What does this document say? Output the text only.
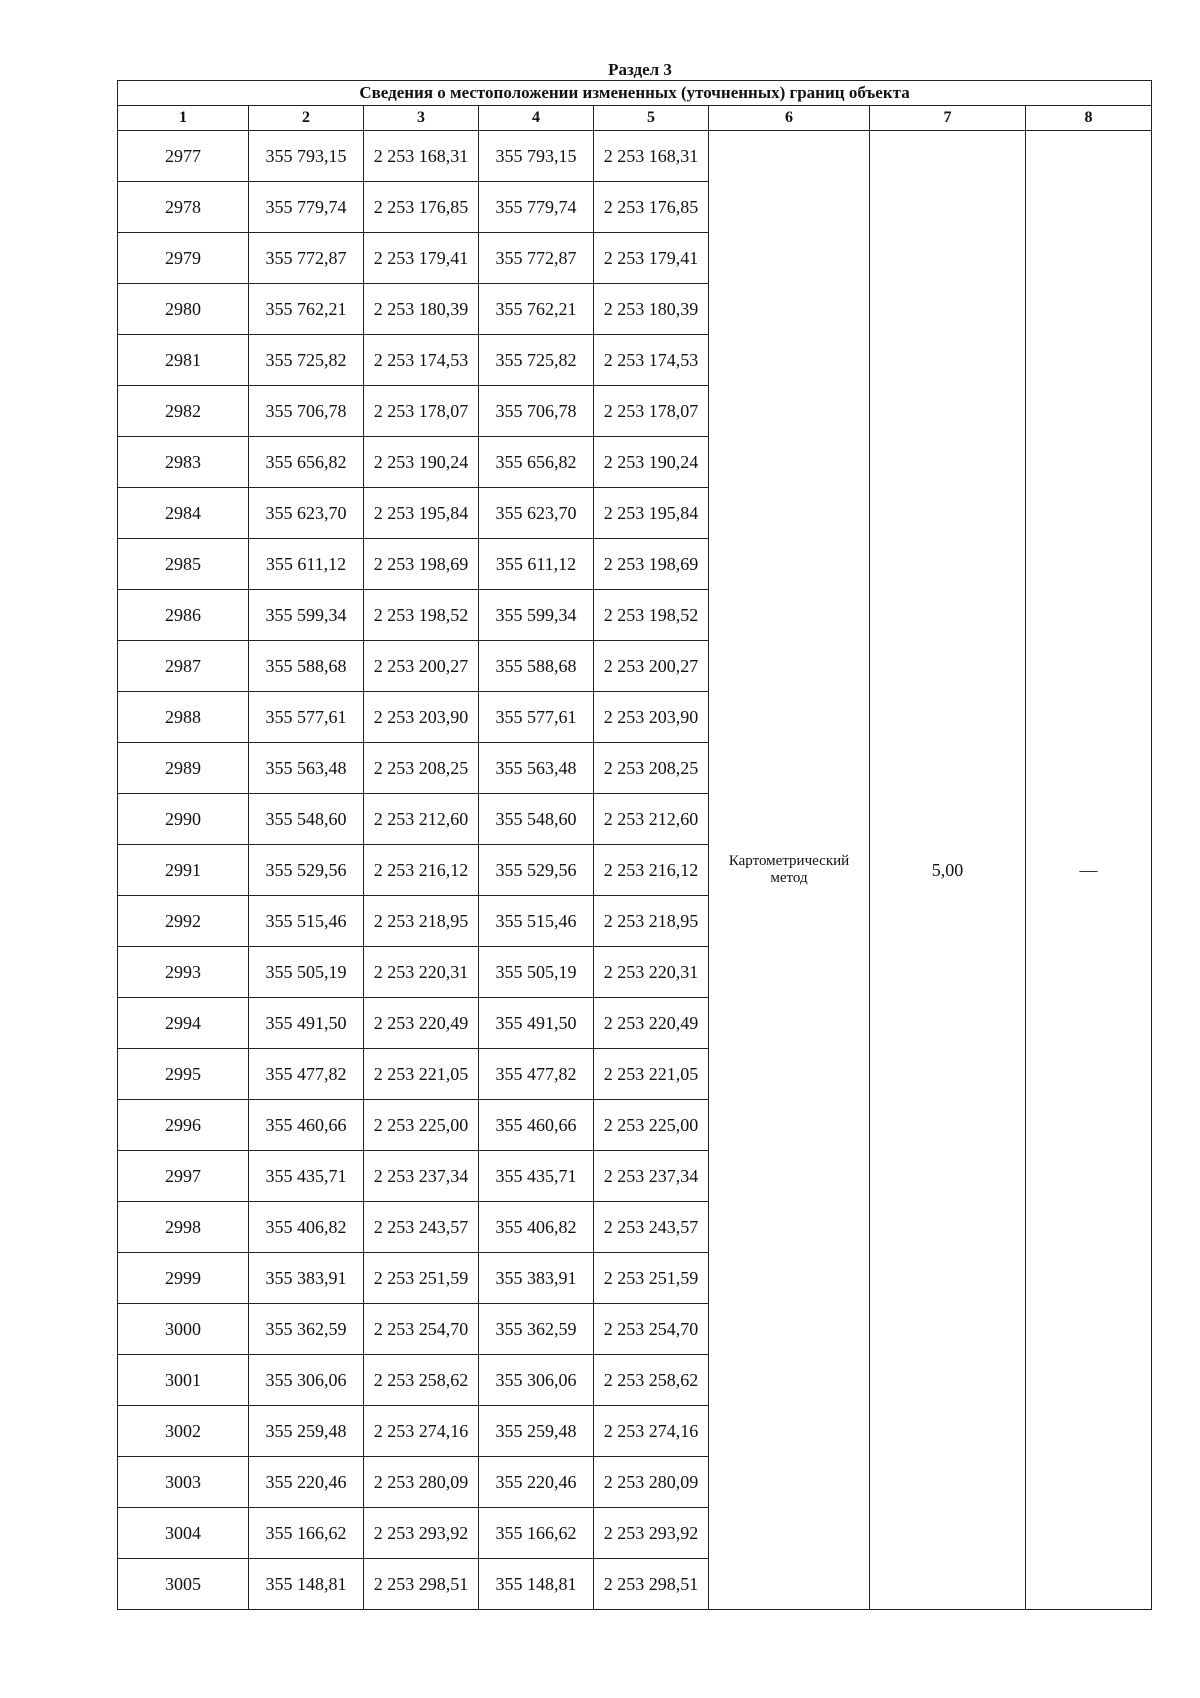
Раздел 3
Сведения о местоположении измененных (уточненных) границ объекта							
1	2	3	4	5	6	7	8
2977	355 793,15	2 253 168,31	355 793,15	2 253 168,31	Картометрический метод	5,00	—
2978	355 779,74	2 253 176,85	355 779,74	2 253 176,85			
2979	355 772,87	2 253 179,41	355 772,87	2 253 179,41			
2980	355 762,21	2 253 180,39	355 762,21	2 253 180,39			
2981	355 725,82	2 253 174,53	355 725,82	2 253 174,53			
2982	355 706,78	2 253 178,07	355 706,78	2 253 178,07			
2983	355 656,82	2 253 190,24	355 656,82	2 253 190,24			
2984	355 623,70	2 253 195,84	355 623,70	2 253 195,84			
2985	355 611,12	2 253 198,69	355 611,12	2 253 198,69			
2986	355 599,34	2 253 198,52	355 599,34	2 253 198,52			
2987	355 588,68	2 253 200,27	355 588,68	2 253 200,27			
2988	355 577,61	2 253 203,90	355 577,61	2 253 203,90			
2989	355 563,48	2 253 208,25	355 563,48	2 253 208,25			
2990	355 548,60	2 253 212,60	355 548,60	2 253 212,60			
2991	355 529,56	2 253 216,12	355 529,56	2 253 216,12			
2992	355 515,46	2 253 218,95	355 515,46	2 253 218,95			
2993	355 505,19	2 253 220,31	355 505,19	2 253 220,31			
2994	355 491,50	2 253 220,49	355 491,50	2 253 220,49			
2995	355 477,82	2 253 221,05	355 477,82	2 253 221,05			
2996	355 460,66	2 253 225,00	355 460,66	2 253 225,00			
2997	355 435,71	2 253 237,34	355 435,71	2 253 237,34			
2998	355 406,82	2 253 243,57	355 406,82	2 253 243,57			
2999	355 383,91	2 253 251,59	355 383,91	2 253 251,59			
3000	355 362,59	2 253 254,70	355 362,59	2 253 254,70			
3001	355 306,06	2 253 258,62	355 306,06	2 253 258,62			
3002	355 259,48	2 253 274,16	355 259,48	2 253 274,16			
3003	355 220,46	2 253 280,09	355 220,46	2 253 280,09			
3004	355 166,62	2 253 293,92	355 166,62	2 253 293,92			
3005	355 148,81	2 253 298,51	355 148,81	2 253 298,51			
